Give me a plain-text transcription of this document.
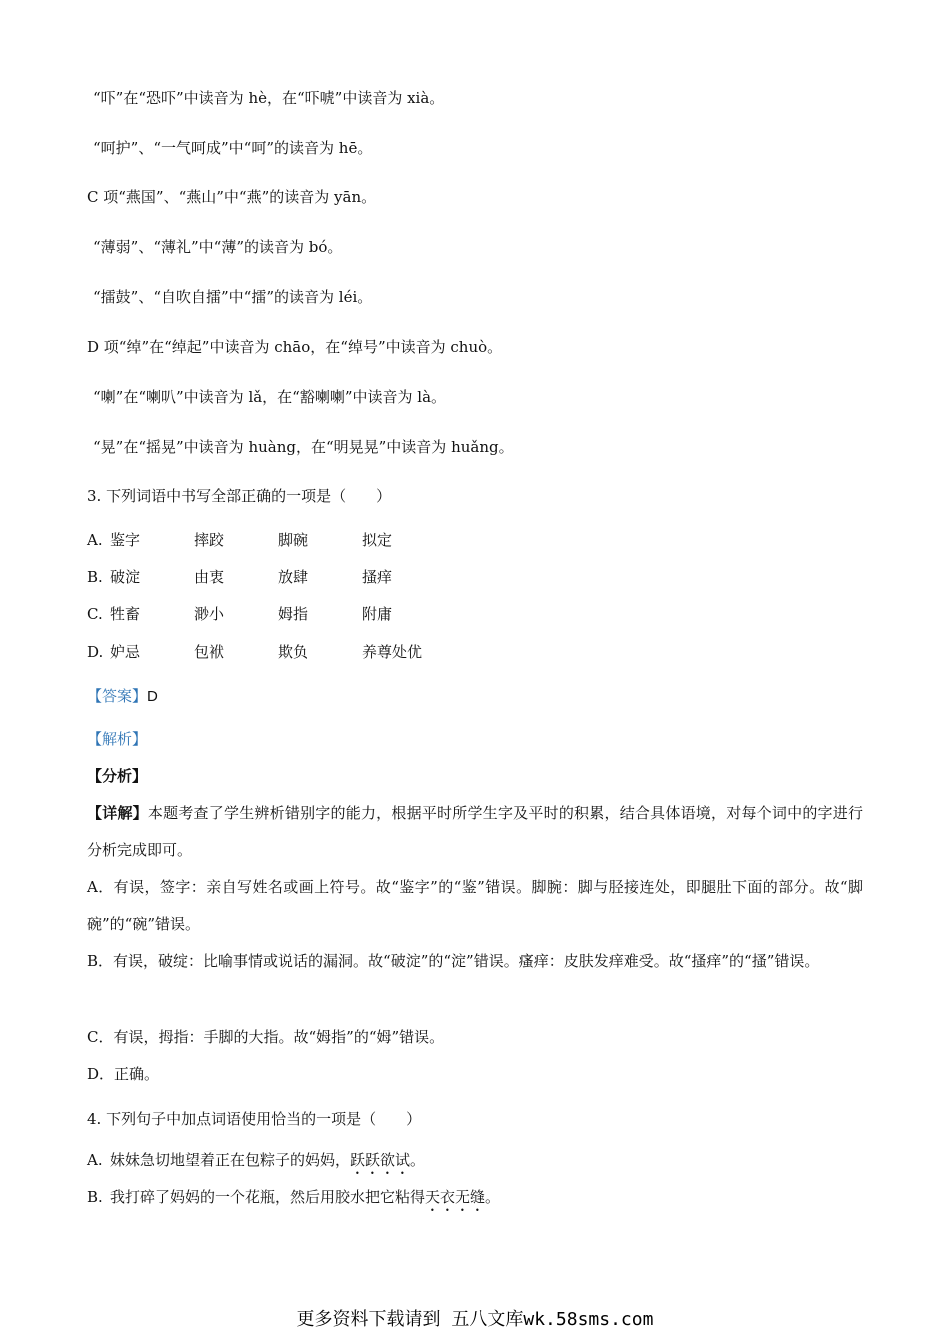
“吓”在“恐吓”中读音为 hè，在“吓唬”中读音为 xià。
“呵护”、“一气呵成”中“呵”的读音为 hē。
C 项“燕国”、“燕山”中“燕”的读音为 yān。
“薄弱”、“薄礼”中“薄”的读音为 bó。
“擂鼓”、“自吹自擂”中“擂”的读音为 léi。
D 项“绰”在“绰起”中读音为 chāo，在“绰号”中读音为 chuò。
“喇”在“喇叭”中读音为 lǎ，在“豁喇喇”中读音为 là。
“晃”在“摇晃”中读音为 huàng，在“明晃晃”中读音为 huǎng。
3. 下列词语中书写全部正确的一项是（　　）
A. 鉴字	摔跤	脚碗	拟定
B. 破淀	由衷	放肆	搔痒
C. 牲畜	渺小	姆指	附庸
D. 妒忌	包袱	欺负	养尊处优
【答案】D
【解析】
【分析】
【详解】本题考查了学生辨析错别字的能力，根据平时所学生字及平时的积累，结合具体语境，对每个词中的字进行分析完成即可。
A．有误，签字：亲自写姓名或画上符号。故“鉴字”的“鉴”错误。脚腕：脚与胫接连处，即腿肚下面的部分。故“脚碗”的“碗”错误。
B．有误，破绽：比喻事情或说话的漏洞。故“破淀”的“淀”错误。瘙痒：皮肤发痒难受。故“搔痒”的“搔”错误。
C．有误，拇指：手脚的大指。故“姆指”的“姆”错误。
D．正确。
4. 下列句子中加点词语使用恰当的一项是（　　）
A. 妹妹急切地望着正在包粽子的妈妈，跃跃欲试。
B. 我打碎了妈妈的一个花瓶，然后用胶水把它粘得天衣无缝。
更多资料下载请到 五八文库wk.58sms.com
